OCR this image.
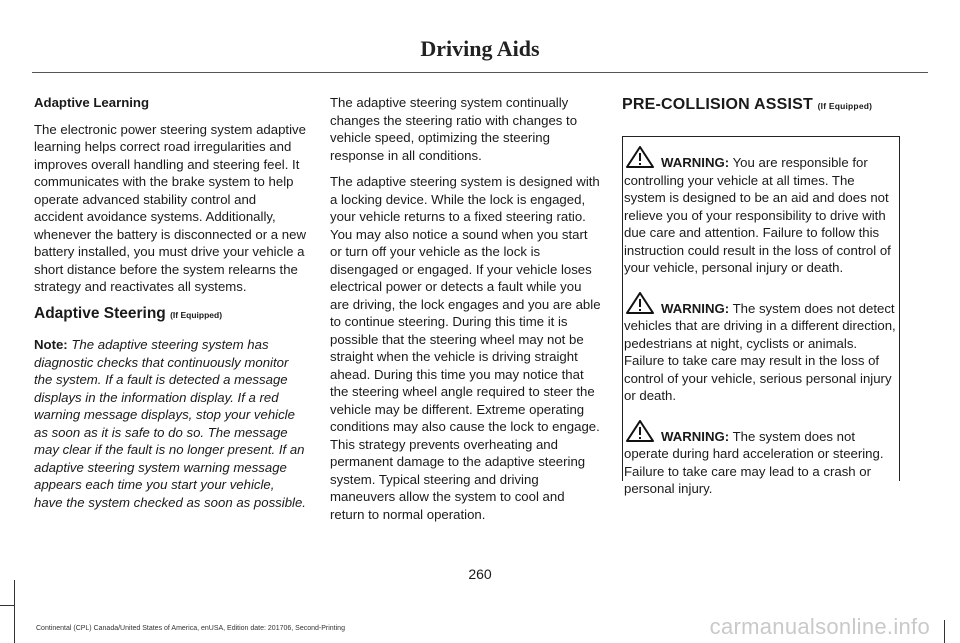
Driving Aids
Adaptive Learning

The electronic power steering system adaptive learning helps correct road irregularities and improves overall handling and steering feel. It communicates with the brake system to help operate advanced stability control and accident avoidance systems. Additionally, whenever the battery is disconnected or a new battery installed, you must drive your vehicle a short distance before the system relearns the strategy and reactivates all systems.

Adaptive Steering (If Equipped)

Note: The adaptive steering system has diagnostic checks that continuously monitor the system. If a fault is detected a message displays in the information display. If a red warning message displays, stop your vehicle as soon as it is safe to do so. The message may clear if the fault is no longer present. If an adaptive steering system warning message appears each time you start your vehicle, have the system checked as soon as possible.

The adaptive steering system continually changes the steering ratio with changes to vehicle speed, optimizing the steering response in all conditions.

The adaptive steering system is designed with a locking device. While the lock is engaged, your vehicle returns to a fixed steering ratio. You may also notice a sound when you start or turn off your vehicle as the lock is disengaged or engaged. If your vehicle loses electrical power or detects a fault while you are driving, the lock engages and you are able to continue steering. During this time it is possible that the steering wheel may not be straight when the vehicle is driving straight ahead. During this time you may notice that the steering wheel angle required to steer the vehicle may be different. Extreme operating conditions may also cause the lock to engage. This strategy prevents overheating and permanent damage to the adaptive steering system. Typical steering and driving maneuvers allow the system to cool and return to normal operation.

PRE-COLLISION ASSIST (If Equipped)

WARNING: You are responsible for controlling your vehicle at all times. The system is designed to be an aid and does not relieve you of your responsibility to drive with due care and attention. Failure to follow this instruction could result in the loss of control of your vehicle, personal injury or death.

WARNING: The system does not detect vehicles that are driving in a different direction, pedestrians at night, cyclists or animals. Failure to take care may result in the loss of control of your vehicle, serious personal injury or death.

WARNING: The system does not operate during hard acceleration or steering. Failure to take care may lead to a crash or personal injury.

260
Continental (CPL) Canada/United States of America, enUSA, Edition date: 201706, Second-Printing	carmanualsonline.info
